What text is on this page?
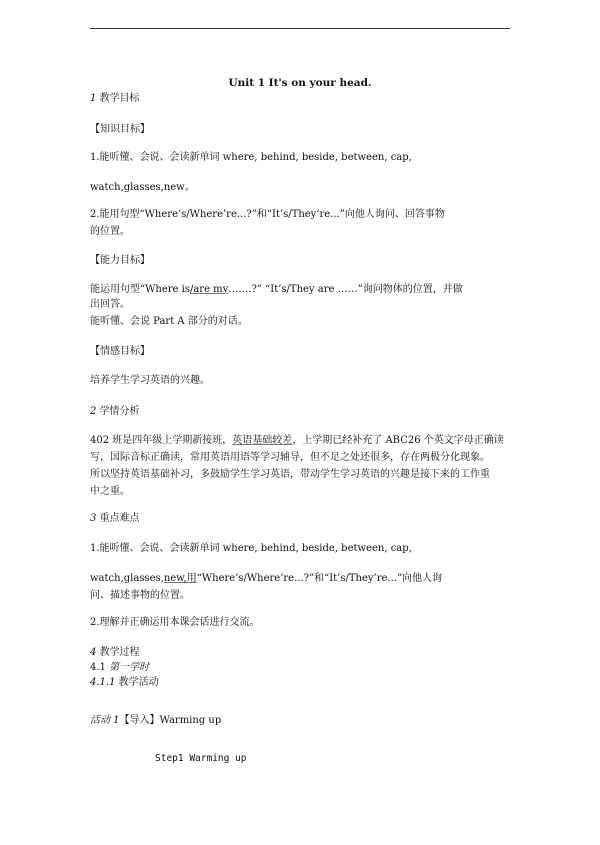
Unit 1 It's on your head.
1 教学目标
【知识目标】
1.能听懂、会说、会读新单词 where, behind, beside, between, cap,
watch,glasses,new。
2.能用句型“Where’s/Where’re...?”和“It’s/They’re...”向他人询问、回答事物
的位置。
【能力目标】
能运用句型“Where is/are my…….?” “It’s/They are ……”询问物体的位置，并做
出回答。
能听懂、会说 Part A 部分的对话。
【情感目标】
培养学生学习英语的兴趣。
2 学情分析
402 班是四年级上学期新接班，英语基础较差，上学期已经补充了 ABC26 个英文字母正确读
写，国际音标正确读，常用英语用语等学习辅导，但不足之处还很多，存在两极分化现象。
所以坚持英语基础补习，多鼓励学生学习英语，带动学生学习英语的兴趣是接下来的工作重
中之重。
3 重点难点
1.能听懂、会说、会读新单词 where, behind, beside, between, cap,
watch,glasses,new,用“Where’s/Where’re...?”和“It’s/They’re...”向他人询
问、描述事物的位置。
2.理解并正确运用本课会话进行交流。
4 教学过程
4.1 第一学时
4.1.1 教学活动
活动 1【导入】Warming up
Step1 Warming up
